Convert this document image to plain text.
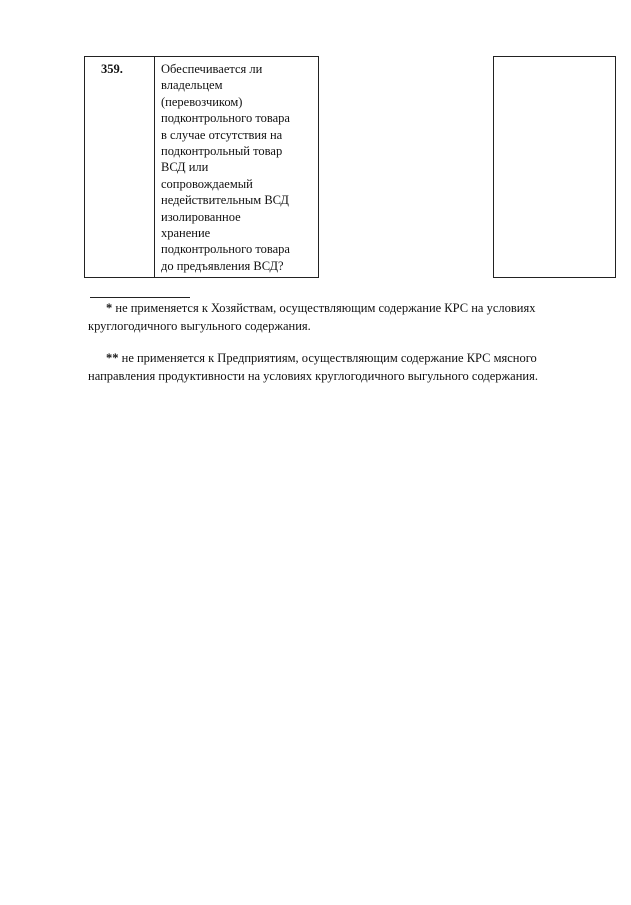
359.	Обеспечивается ли
владельцем
(перевозчиком)
подконтрольного товара
в случае отсутствия на
подконтрольный товар
ВСД или
сопровождаемый
недействительным ВСД
изолированное
хранение
подконтрольного товара
до предъявления ВСД?		
* не применяется к Хозяйствам, осуществляющим содержание КРС на условиях
круглогодичного выгульного содержания.
** не применяется к Предприятиям, осуществляющим содержание КРС мясного
направления продуктивности на условиях круглогодичного выгульного содержания.
